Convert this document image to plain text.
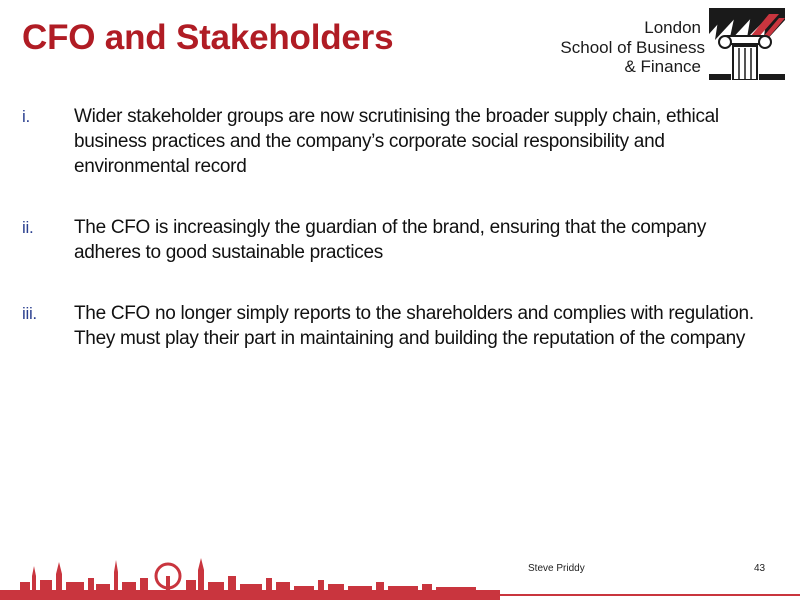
CFO and Stakeholders	London
School of Business
& Finance
i.	Wider stakeholder groups are now scrutinising the broader supply chain, ethical business practices and the company’s corporate social responsibility and environmental record
ii.	The CFO is increasingly the guardian of the brand, ensuring that the company adheres to good sustainable practices
iii.	The CFO no longer simply reports to the shareholders and complies with regulation. They must play their part in maintaining and building the reputation of the company
Steve Priddy	43
